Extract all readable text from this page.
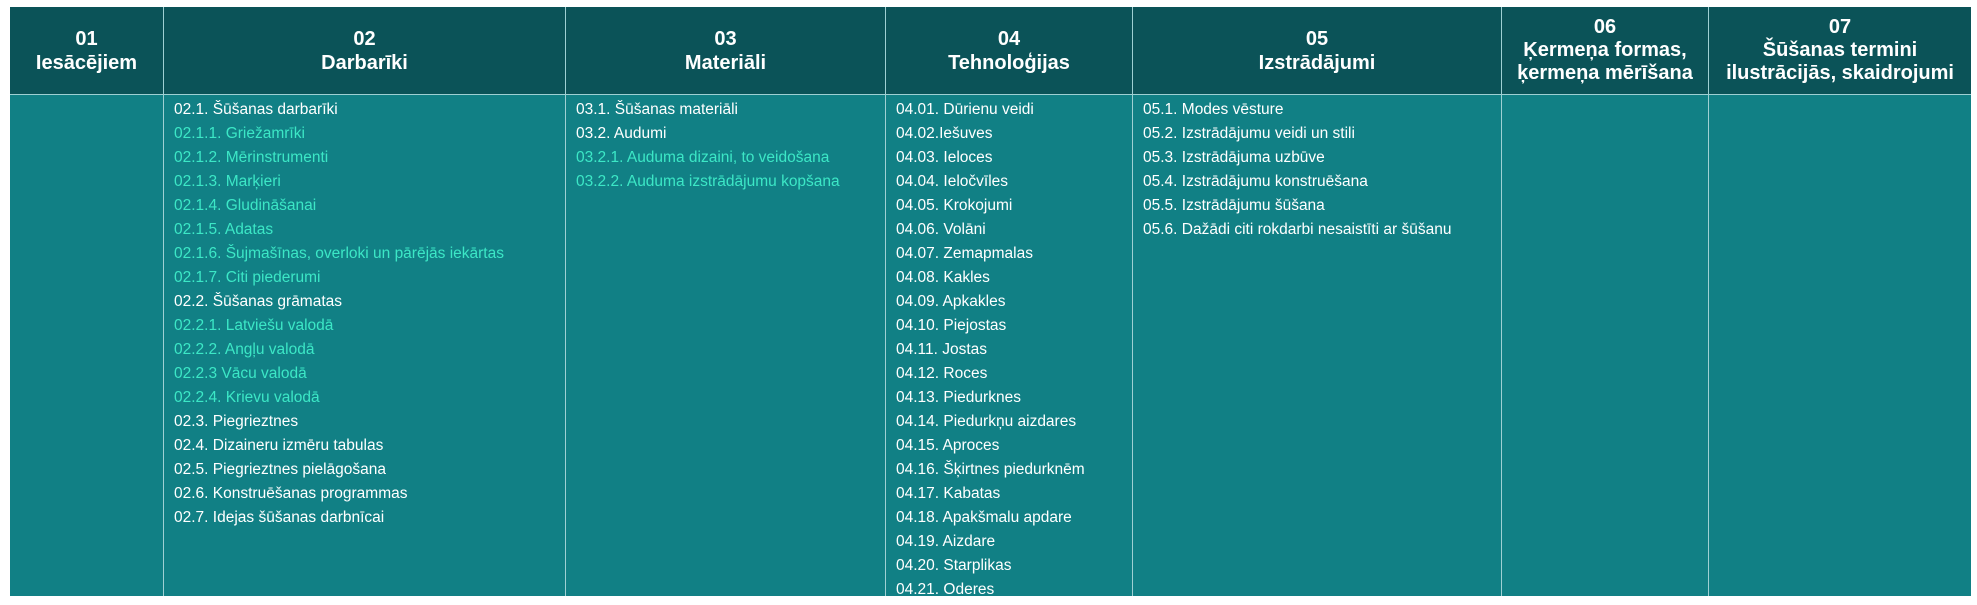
01
Iesācējiem
02
Darbarīki
02.1. Šūšanas darbarīki
02.1.1. Griežamrīki
02.1.2. Mērinstrumenti
02.1.3. Marķieri
02.1.4. Gludināšanai
02.1.5. Adatas
02.1.6. Šujmašīnas, overloki un pārējās iekārtas
02.1.7. Citi piederumi
02.2. Šūšanas grāmatas
02.2.1. Latviešu valodā
02.2.2. Angļu valodā
02.2.3 Vācu valodā
02.2.4. Krievu valodā
02.3. Piegrieztnes
02.4. Dizaineru izmēru tabulas
02.5. Piegrieztnes pielāgošana
02.6. Konstruēšanas programmas
02.7. Idejas šūšanas darbnīcai
03
Materiāli
03.1. Šūšanas materiāli
03.2. Audumi
03.2.1. Auduma dizaini, to veidošana
03.2.2. Auduma izstrādājumu kopšana
04
Tehnoloģijas
04.01. Dūrienu veidi
04.02.Iešuves
04.03. Ieloces
04.04. Ieločvīles
04.05. Krokojumi
04.06. Volāni
04.07. Zemapmalas
04.08. Kakles
04.09. Apkakles
04.10. Piejostas
04.11. Jostas
04.12. Roces
04.13. Piedurknes
04.14. Piedurkņu aizdares
04.15. Aproces
04.16. Šķirtnes piedurknēm
04.17. Kabatas
04.18. Apakšmalu apdare
04.19. Aizdare
04.20. Starplikas
04.21. Oderes
05
Izstrādājumi
05.1. Modes vēsture
05.2. Izstrādājumu veidi un stili
05.3. Izstrādājuma uzbūve
05.4. Izstrādājumu konstruēšana
05.5. Izstrādājumu šūšana
05.6. Dažādi citi rokdarbi nesaistīti ar šūšanu
06
Ķermeņa formas,
ķermeņa mērīšana
07
Šūšanas termini
ilustrācijās, skaidrojumi
